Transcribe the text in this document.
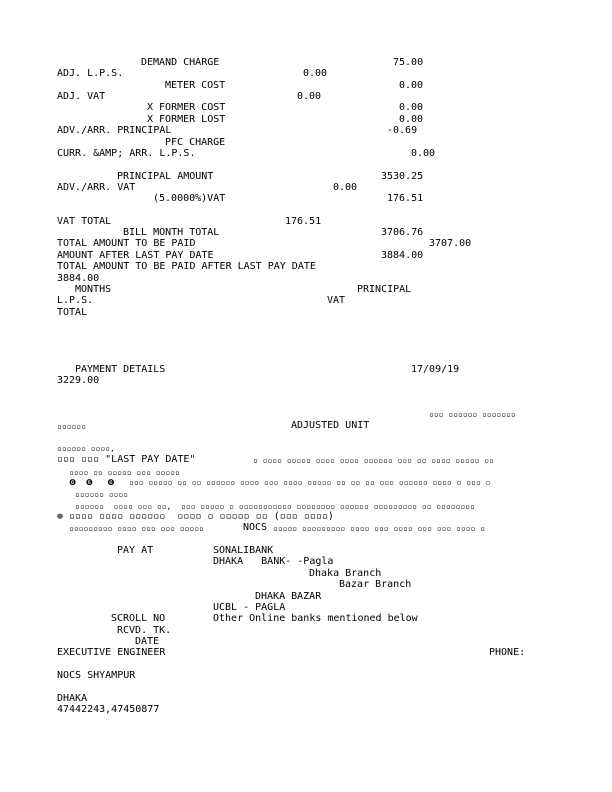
DEMAND CHARGE	75.00
ADJ. L.P.S.	0.00
METER COST	0.00
ADJ. VAT	0.00
X FORMER COST	0.00
X FORMER LOST	0.00
ADV./ARR. PRINCIPAL	-0.69
PFC CHARGE
CURR. &AMP; ARR. L.P.S.	0.00
PRINCIPAL AMOUNT	3530.25
ADV./ARR. VAT	0.00
(5.0000%)VAT	176.51
VAT TOTAL	176.51
BILL MONTH TOTAL	3706.76
TOTAL AMOUNT TO BE PAID	3707.00
AMOUNT AFTER LAST PAY DATE	3884.00
TOTAL AMOUNT TO BE PAID AFTER LAST PAY DATE
3884.00
MONTHS	PRINCIPAL
L.P.S.	VAT
TOTAL
PAYMENT DETAILS	17/09/19
3229.00
▫▫▫ ▫▫▫▫▫▫ ▫▫▫▫▫▫▫
▫▫▫▫▫▫	ADJUSTED UNIT
▫▫▫▫▫▫ ▫▫▫▫,
▫▫▫ ▫▫▫ "LAST PAY DATE"	▫ ▫▫▫▫ ▫▫▫▫▫ ▫▫▫▫ ▫▫▫▫ ▫▫▫▫▫▫ ▫▫▫ ▫▫ ▫▫▫▫ ▫▫▫▫▫ ▫▫
▫▫▫▫ ▫▫ ▫▫▫▫▫ ▫▫▫ ▫▫▫▫▫
❻  ❻   ❻   ▫▫▫ ▫▫▫▫▫ ▫▫ ▫▫ ▫▫▫▫▫▫ ▫▫▫▫ ▫▫▫ ▫▫▫▫ ▫▫▫▫▫ ▫▫ ▫▫ ▫▫ ▫▫▫ ▫▫▫▫▫▫ ▫▫▫▫ ▫ ▫▫▫ ▫
▫▫▫▫▫▫ ▫▫▫▫
▫▫▫▫▫▫  ▫▫▫▫ ▫▫▫ ▫▫,  ▫▫▫ ▫▫▫▫▫ ▫ ▫▫▫▫▫▫▫▫▫▫▫ ▫▫▫▫▫▫▫▫ ▫▫▫▫▫▫ ▫▫▫▫▫▫▫▫▫ ▫▫ ▫▫▫▫▫▫▫▫
❁ ▫▫▫▫ ▫▫▫▫ ▫▫▫▫▫▫  ▫▫▫▫ ▫ ▫▫▫▫▫ ▫▫ (▫▫▫ ▫▫▫▫)
▫▫▫▫▫▫▫▫▫ ▫▫▫▫ ▫▫▫ ▫▫▫ ▫▫▫▫▫	NOCS ▫▫▫▫▫ ▫▫▫▫▫▫▫▫▫ ▫▫▫▫ ▫▫▫ ▫▫▫▫ ▫▫▫ ▫▫▫ ▫▫▫▫ ▫
PAY AT	SONALIBANK
DHAKA   BANK- -Pagla
Dhaka Branch
Bazar Branch
DHAKA BAZAR
UCBL - PAGLA
SCROLL NO	Other Online banks mentioned below
RCVD. TK.
DATE
EXECUTIVE ENGINEER	PHONE:
NOCS SHYAMPUR
DHAKA
47442243,47450877
